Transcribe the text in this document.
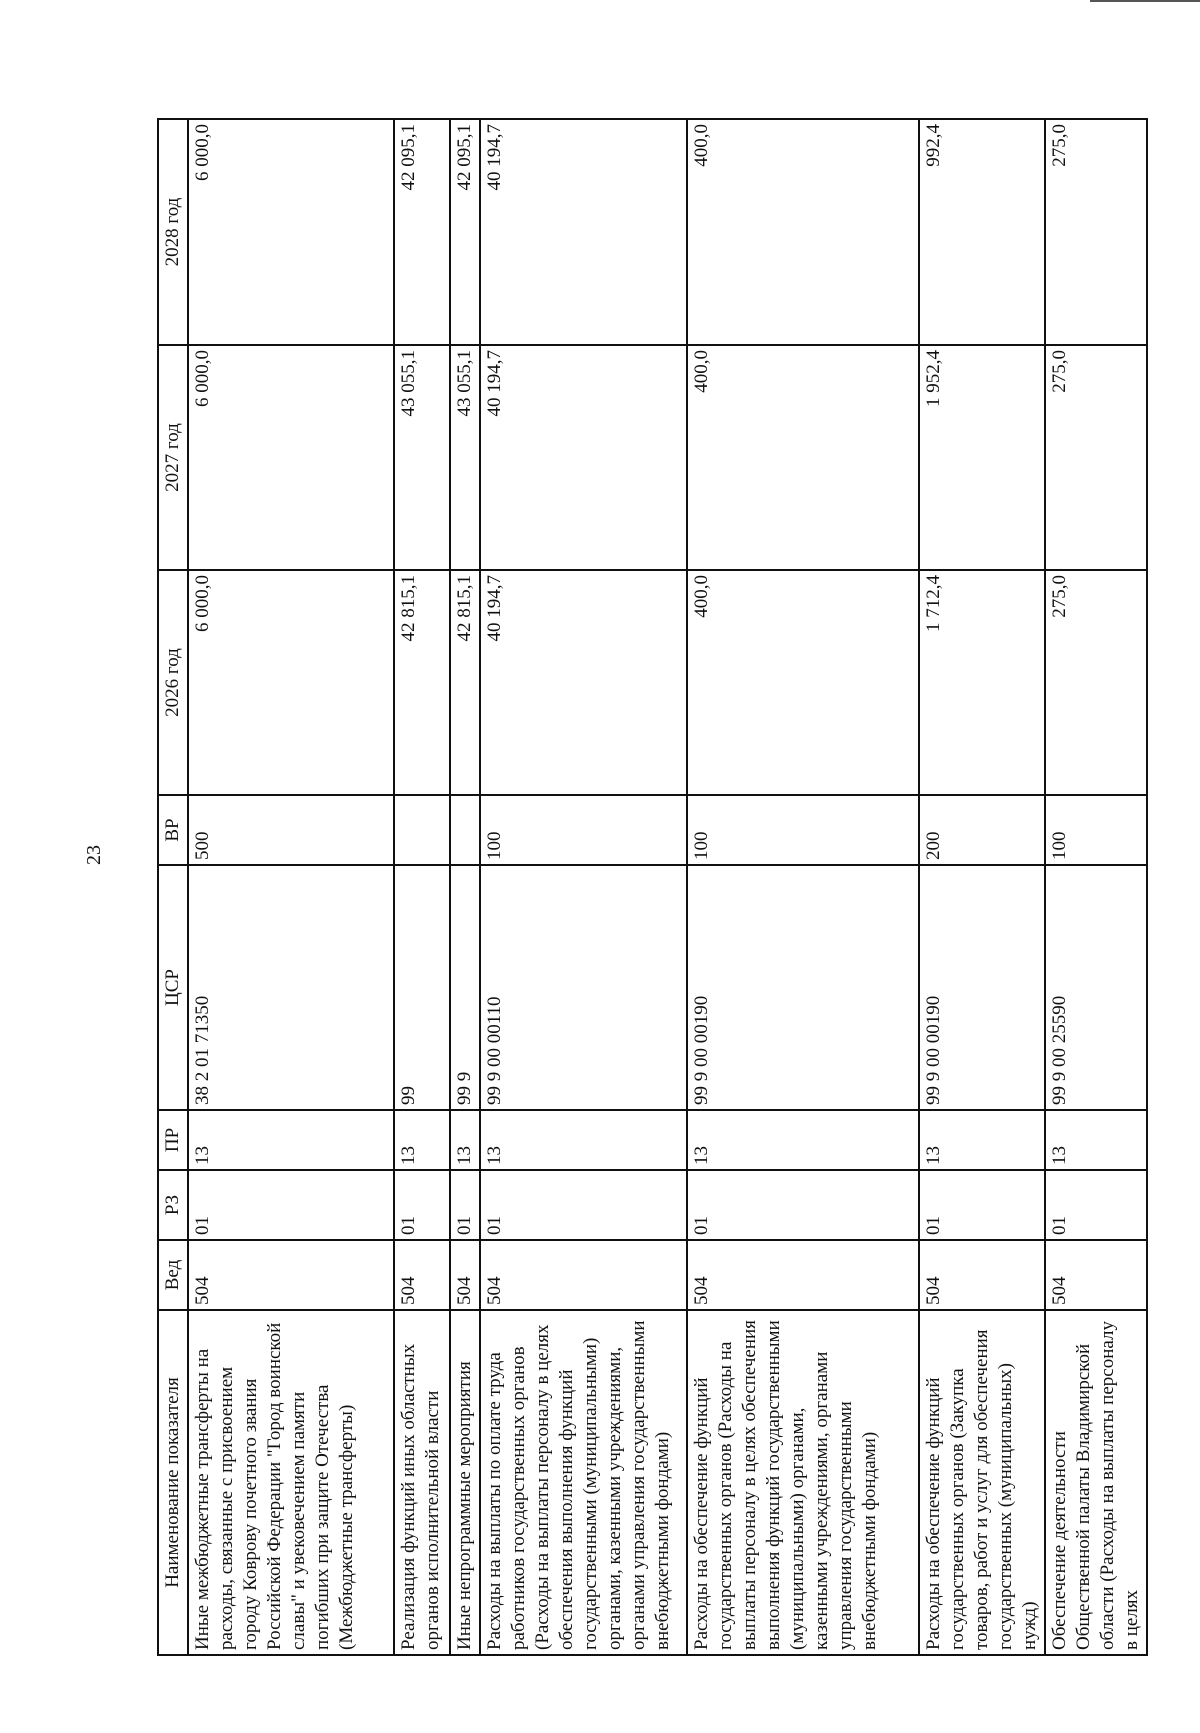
23
Наименование показателя	Вед	РЗ	ПР	ЦСР	ВР	2026 год	2027 год	2028 год
Иные межбюджетные трансферты на расходы, связанные с присвоением городу Коврову почетного звания Российской Федерации "Город воинской славы" и увековечением памяти погибших при защите Отечества (Межбюджетные трансферты)	504	01	13	38 2 01 71350	500	6 000,0	6 000,0	6 000,0
Реализация функций иных областных органов исполнительной власти	504	01	13	99		42 815,1	43 055,1	42 095,1
Иные непрограммные мероприятия	504	01	13	99 9		42 815,1	43 055,1	42 095,1
Расходы на выплаты по оплате труда работников государственных органов (Расходы на выплаты персоналу в целях обеспечения выполнения функций государственными (муниципальными) органами, казенными учреждениями, органами управления государственными внебюджетными фондами)	504	01	13	99 9 00 00110	100	40 194,7	40 194,7	40 194,7
Расходы на обеспечение функций государственных органов (Расходы на выплаты персоналу в целях обеспечения выполнения функций государственными (муниципальными) органами, казенными учреждениями, органами управления государственными внебюджетными фондами)	504	01	13	99 9 00 00190	100	400,0	400,0	400,0
Расходы на обеспечение функций государственных органов (Закупка товаров, работ и услуг для обеспечения государственных (муниципальных) нужд)	504	01	13	99 9 00 00190	200	1 712,4	1 952,4	992,4
Обеспечение деятельности Общественной палаты Владимирской области (Расходы на выплаты персоналу в целях	504	01	13	99 9 00 25590	100	275,0	275,0	275,0
